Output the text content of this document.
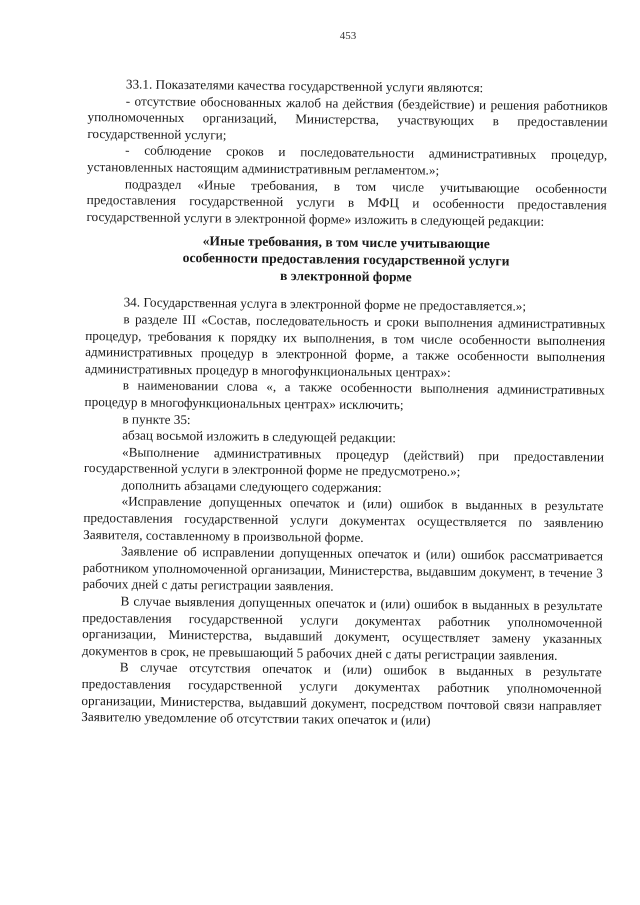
453

33.1. Показателями качества государственной услуги являются:

- отсутствие обоснованных жалоб на действия (бездействие) и решения работников уполномоченных организаций, Министерства, участвующих в предоставлении государственной услуги;

- соблюдение сроков и последовательности административных процедур, установленных настоящим административным регламентом.»;

подраздел «Иные требования, в том числе учитывающие особенности предоставления государственной услуги в МФЦ и особенности предоставления государственной услуги в электронной форме» изложить в следующей редакции:

«Иные требования, в том числе учитывающие
особенности предоставления государственной услуги
в электронной форме

34. Государственная услуга в электронной форме не предоставляется.»;

в разделе III «Состав, последовательность и сроки выполнения административных процедур, требования к порядку их выполнения, в том числе особенности выполнения административных процедур в электронной форме, а также особенности выполнения административных процедур в многофункциональных центрах»:

в наименовании слова «, а также особенности выполнения административных процедур в многофункциональных центрах» исключить;

в пункте 35:

абзац восьмой изложить в следующей редакции:

«Выполнение административных процедур (действий) при предоставлении государственной услуги в электронной форме не предусмотрено.»;

дополнить абзацами следующего содержания:

«Исправление допущенных опечаток и (или) ошибок в выданных в результате предоставления государственной услуги документах осуществляется по заявлению Заявителя, составленному в произвольной форме.

Заявление об исправлении допущенных опечаток и (или) ошибок рассматривается работником уполномоченной организации, Министерства, выдавшим документ, в течение 3 рабочих дней с даты регистрации заявления.

В случае выявления допущенных опечаток и (или) ошибок в выданных в результате предоставления государственной услуги документах работник уполномоченной организации, Министерства, выдавший документ, осуществляет замену указанных документов в срок, не превышающий 5 рабочих дней с даты регистрации заявления.

В случае отсутствия опечаток и (или) ошибок в выданных в результате предоставления государственной услуги документах работник уполномоченной организации, Министерства, выдавший документ, посредством почтовой связи направляет Заявителю уведомление об отсутствии таких опечаток и (или)
